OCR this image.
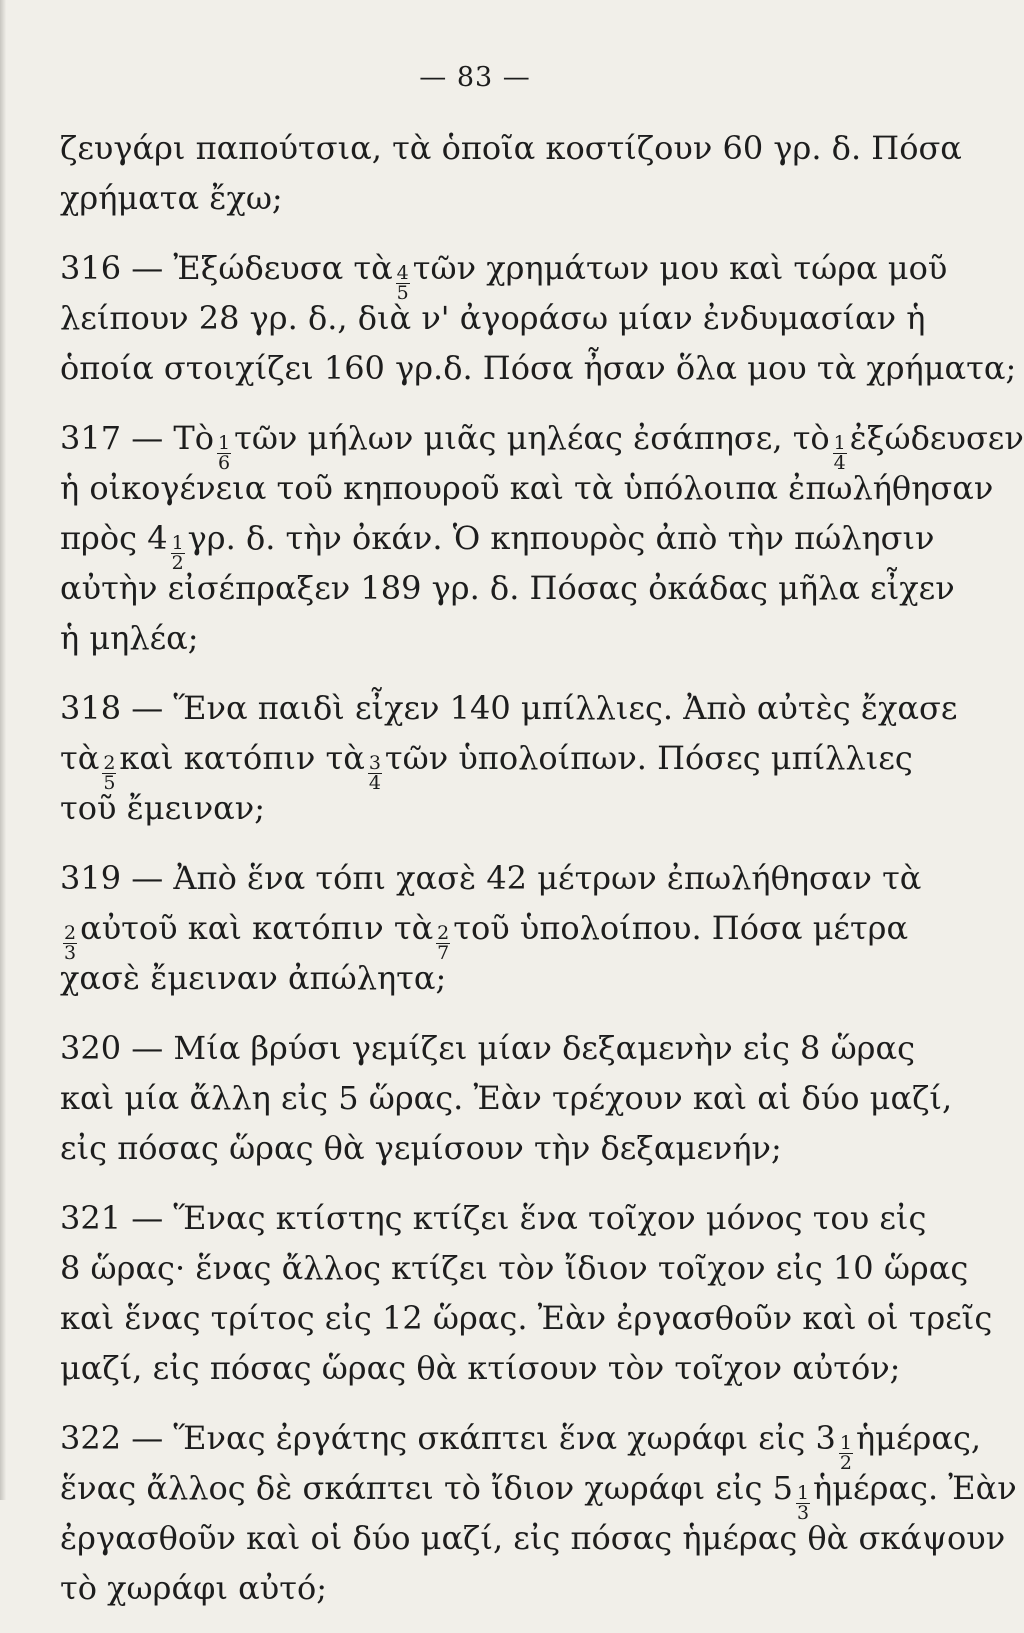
— 83 —
ζευγάρι παπούτσια, τὰ ὁποῖα κοστίζουν 60 γρ. δ. Πόσα
χρήματα ἔχω;
316 — Ἐξώδευσα τὰ $\frac{4}{5}$ τῶν χρημάτων μου καὶ τώρα μοῦ
λείπουν 28 γρ. δ., διὰ ν' ἀγοράσω μίαν ἐνδυμασίαν ἡ
ὁποία στοιχίζει 160 γρ.δ. Πόσα ἦσαν ὅλα μου τὰ χρήματα;
317 — Τὸ $\frac{1}{6}$ τῶν μήλων μιᾶς μηλέας ἐσάπησε, τὸ $\frac{1}{4}$ ἐξώδευσεν
ἡ οἰκογένεια τοῦ κηπουροῦ καὶ τὰ ὑπόλοιπα ἐπωλήθησαν
πρὸς $4 \frac{1}{2} \gamma\rho$. δ. τὴν ὀκάν. Ὁ κηπουρὸς ἀπὸ τὴν πώλησιν
αὐτὴν εἰσέπραξεν 189 γρ. δ. Πόσας ὀκάδας μῆλα εἶχεν
ἡ μηλέα;
318 — Ἕνα παιδὶ εἶχεν 140 μπίλλιες. Ἀπὸ αὐτὲς ἔχασε
τὰ $\frac{2}{5}$ καὶ κατόπιν τὰ $\frac{3}{4}$ τῶν ὑπολοίπων. Πόσες μπίλλιες
τοῦ ἔμειναν;
319 — Ἀπὸ ἕνα τόπι χασὲ 42 μέτρων ἐπωλήθησαν τὰ
$\frac{2}{3}$ αὐτοῦ καὶ κατόπιν τὰ $\frac{2}{7}$ τοῦ ὑπολοίπου. Πόσα μέτρα
χασὲ ἔμειναν ἀπώλητα;
320 — Μία βρύσι γεμίζει μίαν δεξαμενὴν εἰς 8 ὥρας
καὶ μία ἄλλη εἰς 5 ὥρας. Ἐὰν τρέχουν καὶ αἱ δύο μαζί,
εἰς πόσας ὥρας θὰ γεμίσουν τὴν δεξαμενήν;
321 — Ἕνας κτίστης κτίζει ἕνα τοῖχον μόνος του εἰς
8 ὥρας· ἕνας ἄλλος κτίζει τὸν ἴδιον τοῖχον εἰς 10 ὥρας
καὶ ἕνας τρίτος εἰς 12 ὥρας. Ἐὰν ἐργασθοῦν καὶ οἱ τρεῖς
μαζί, εἰς πόσας ὥρας θὰ κτίσουν τὸν τοῖχον αὐτόν;
322 — Ἕνας ἐργάτης σκάπτει ἕνα χωράφι εἰς $3 \frac{1}{2}$ ἡμέρας,
ἕνας ἄλλος δὲ σκάπτει τὸ ἴδιον χωράφι εἰς $5 \frac{1}{3}$ ἡμέρας. Ἐὰν
ἐργασθοῦν καὶ οἱ δύο μαζί, εἰς πόσας ἡμέρας θὰ σκάψουν
τὸ χωράφι αὐτό;
